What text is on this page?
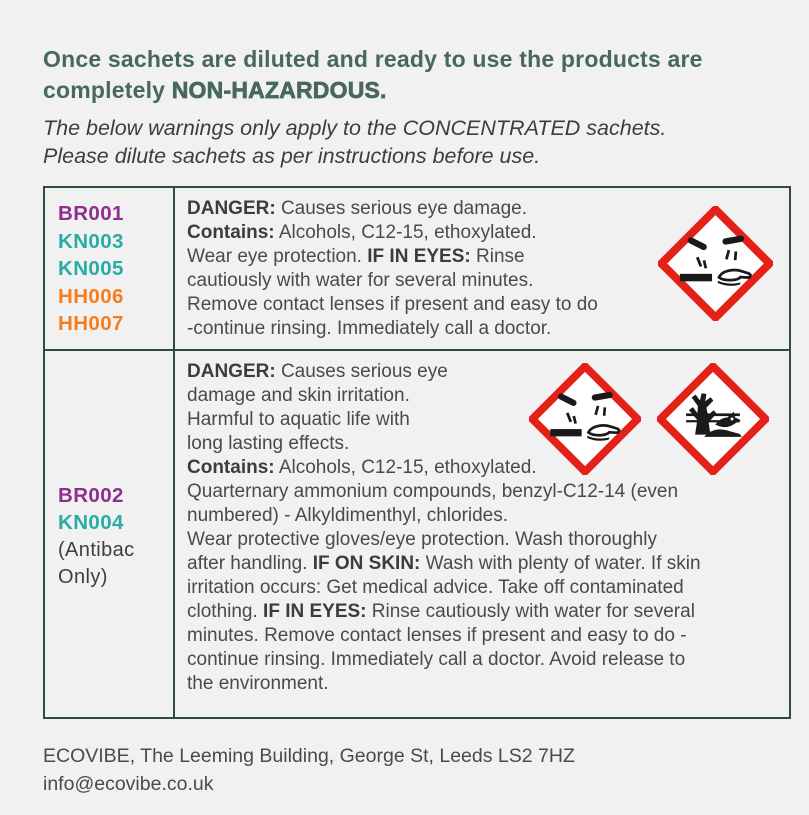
Once sachets are diluted and ready to use the products are
completely NON-HAZARDOUS.
The below warnings only apply to the CONCENTRATED sachets.
Please dilute sachets as per instructions before use.
BR001
KN003
KN005
HH006
HH007

DANGER: Causes serious eye damage.
Contains: Alcohols, C12-15, ethoxylated.
Wear eye protection. IF IN EYES: Rinse
cautiously with water for several minutes.
Remove contact lenses if present and easy to do
-continue rinsing. Immediately call a doctor.

BR002
KN004
(Antibac Only)

DANGER: Causes serious eye
damage and skin irritation.
Harmful to aquatic life with
long lasting effects.
Contains: Alcohols, C12-15, ethoxylated.
Quarternary ammonium compounds, benzyl-C12-14 (even
numbered) - Alkyldimenthyl, chlorides.
Wear protective gloves/eye protection. Wash thoroughly
after handling. IF ON SKIN: Wash with plenty of water. If skin
irritation occurs: Get medical advice. Take off contaminated
clothing. IF IN EYES: Rinse cautiously with water for several
minutes. Remove contact lenses if present and easy to do -
continue rinsing. Immediately call a doctor. Avoid release to
the environment.
ECOVIBE, The Leeming Building, George St, Leeds LS2 7HZ
info@ecovibe.co.uk
